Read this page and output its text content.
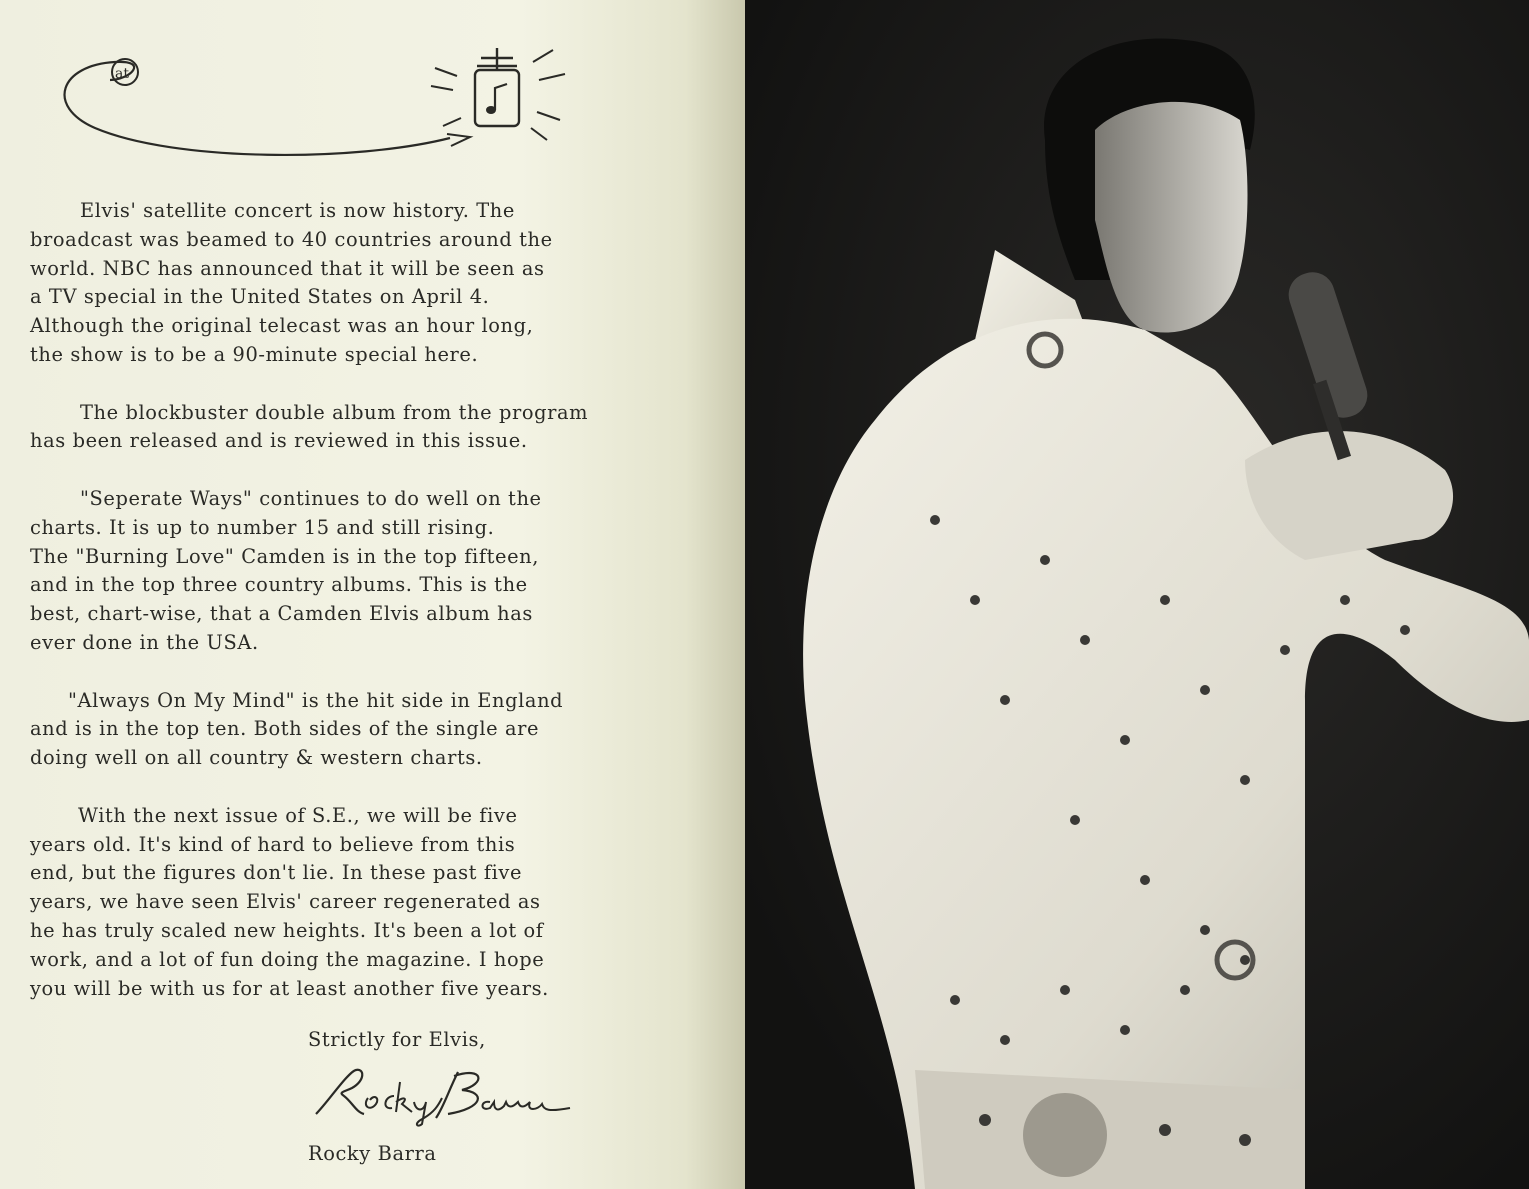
at

Elvis' satellite concert is now history. The
broadcast was beamed to 40 countries around the
world. NBC has announced that it will be seen as
a TV special in the United States on April 4.
Although the original telecast was an hour long,
the show is to be a 90-minute special here.

The blockbuster double album from the program
has been released and is reviewed in this issue.

"Seperate Ways" continues to do well on the
charts. It is up to number 15 and still rising.
The "Burning Love" Camden is in the top fifteen,
and in the top three country albums. This is the
best, chart-wise, that a Camden Elvis album has
ever done in the USA.

"Always On My Mind" is the hit side in England
and is in the top ten. Both sides of the single are
doing well on all country & western charts.

With the next issue of S.E., we will be five
years old. It's kind of hard to believe from this
end, but the figures don't lie. In these past five
years, we have seen Elvis' career regenerated as
he has truly scaled new heights. It's been a lot of
work, and a lot of fun doing the magazine. I hope
you will be with us for at least another five years.

Strictly for Elvis,
Rocky Barra
